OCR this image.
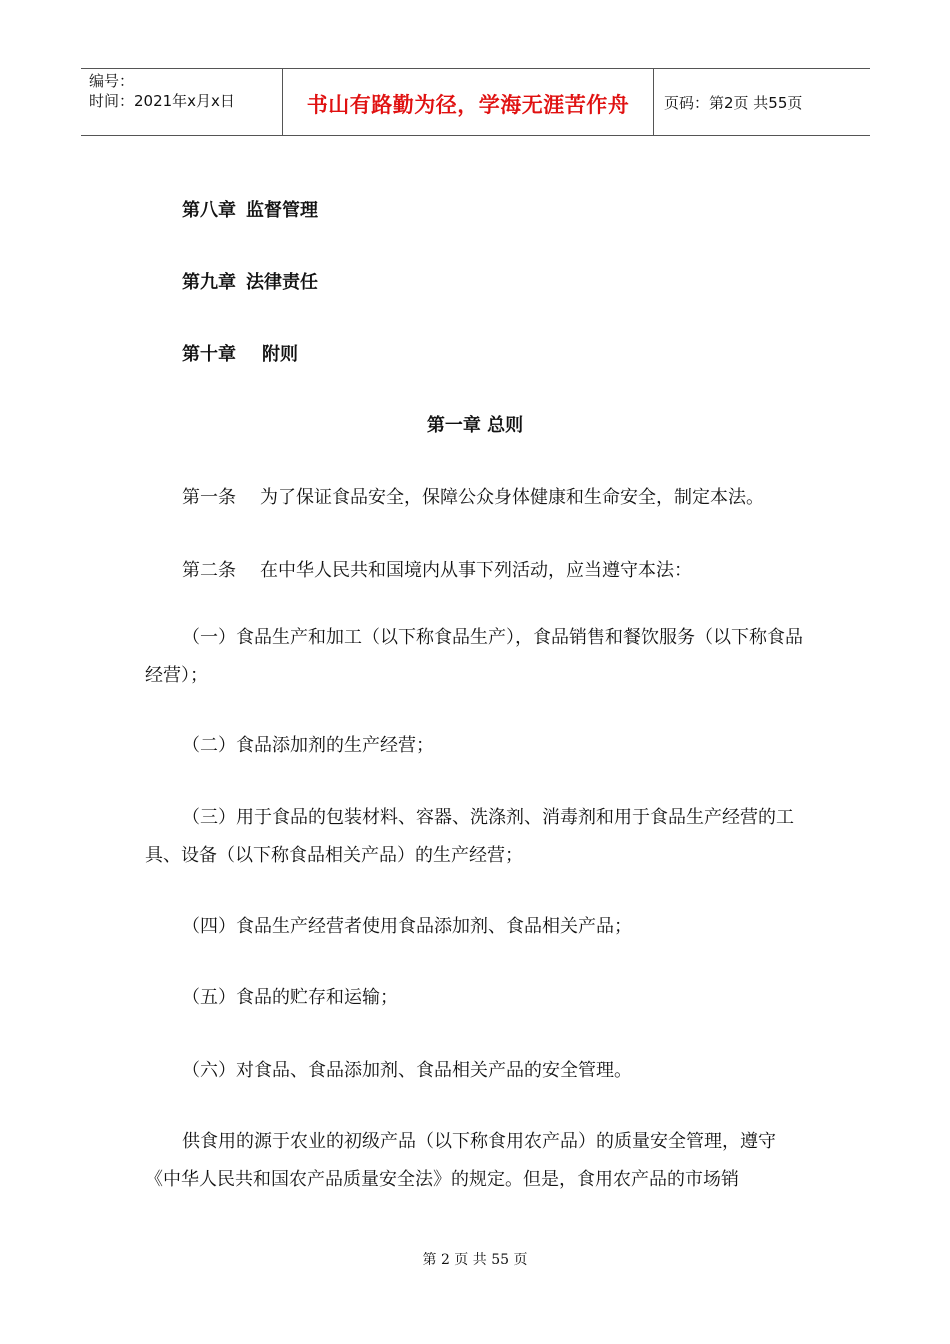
编号：
时间：2021年x月x日	书山有路勤为径，学海无涯苦作舟 页码：第2页 共55页
第八章 监督管理
第九章 法律责任
第十章 附则
第一章 总则
第一条 为了保证食品安全，保障公众身体健康和生命安全，制定本法。
第二条 在中华人民共和国境内从事下列活动，应当遵守本法：
（一）食品生产和加工（以下称食品生产），食品销售和餐饮服务（以下称食品经营）；
（二）食品添加剂的生产经营；
（三）用于食品的包装材料、容器、洗涤剂、消毒剂和用于食品生产经营的工具、设备（以下称食品相关产品）的生产经营；
（四）食品生产经营者使用食品添加剂、食品相关产品；
（五）食品的贮存和运输；
（六）对食品、食品添加剂、食品相关产品的安全管理。
供食用的源于农业的初级产品（以下称食用农产品）的质量安全管理，遵守《中华人民共和国农产品质量安全法》的规定。但是，食用农产品的市场销
第 2 页 共 55 页
